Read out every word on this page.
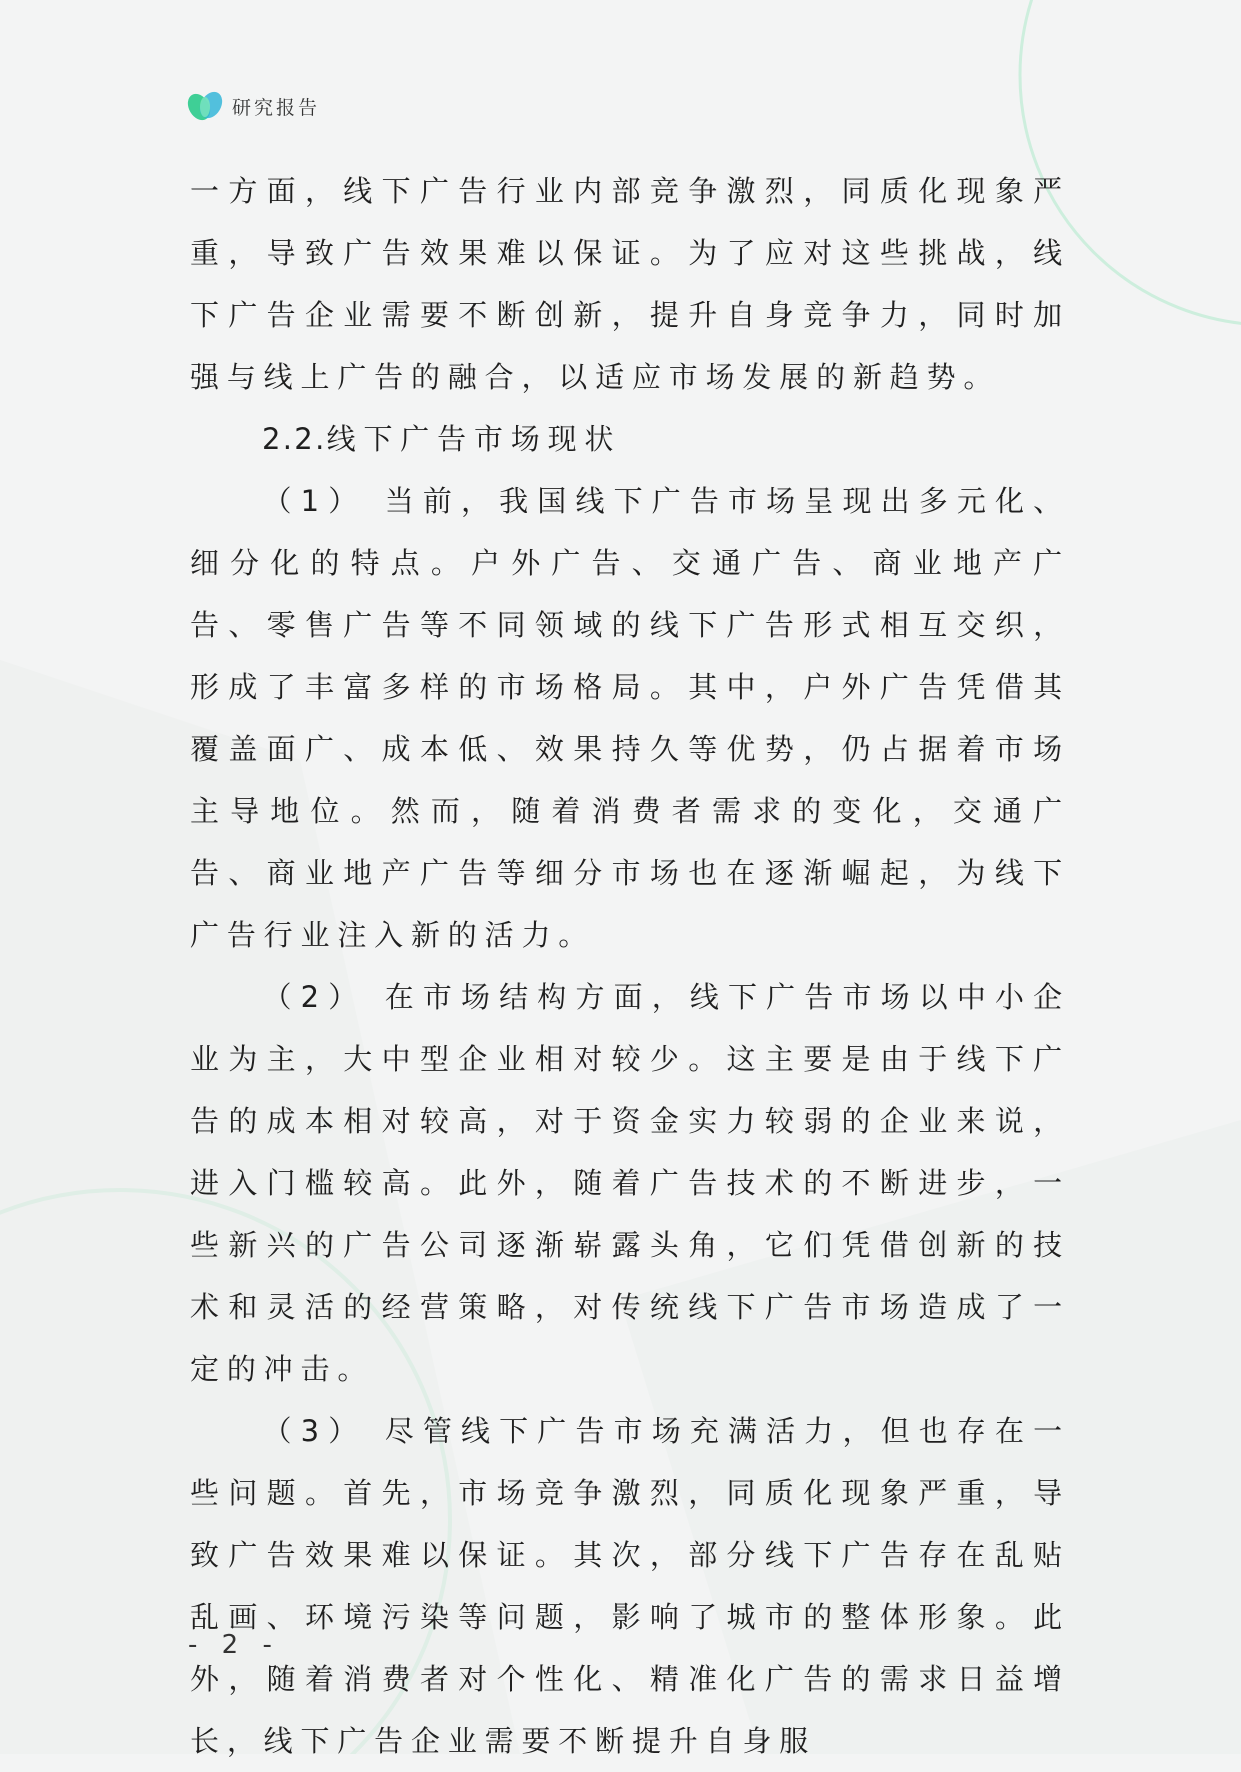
研究报告

一方面，线下广告行业内部竞争激烈，同质化现象严重，导致广告效果难以保证。为了应对这些挑战，线下广告企业需要不断创新，提升自身竞争力，同时加强与线上广告的融合，以适应市场发展的新趋势。

2.2.线下广告市场现状

（1） 当前，我国线下广告市场呈现出多元化、细分化的特点。户外广告、交通广告、商业地产广告、零售广告等不同领域的线下广告形式相互交织，形成了丰富多样的市场格局。其中，户外广告凭借其覆盖面广、成本低、效果持久等优势，仍占据着市场主导地位。然而，随着消费者需求的变化，交通广告、商业地产广告等细分市场也在逐渐崛起，为线下广告行业注入新的活力。

（2） 在市场结构方面，线下广告市场以中小企业为主，大中型企业相对较少。这主要是由于线下广告的成本相对较高，对于资金实力较弱的企业来说，进入门槛较高。此外，随着广告技术的不断进步，一些新兴的广告公司逐渐崭露头角，它们凭借创新的技术和灵活的经营策略，对传统线下广告市场造成了一定的冲击。

（3） 尽管线下广告市场充满活力，但也存在一些问题。首先，市场竞争激烈，同质化现象严重，导致广告效果难以保证。其次，部分线下广告存在乱贴乱画、环境污染等问题，影响了城市的整体形象。此外，随着消费者对个性化、精准化广告的需求日益增长，线下广告企业需要不断提升自身服

- 2 -
